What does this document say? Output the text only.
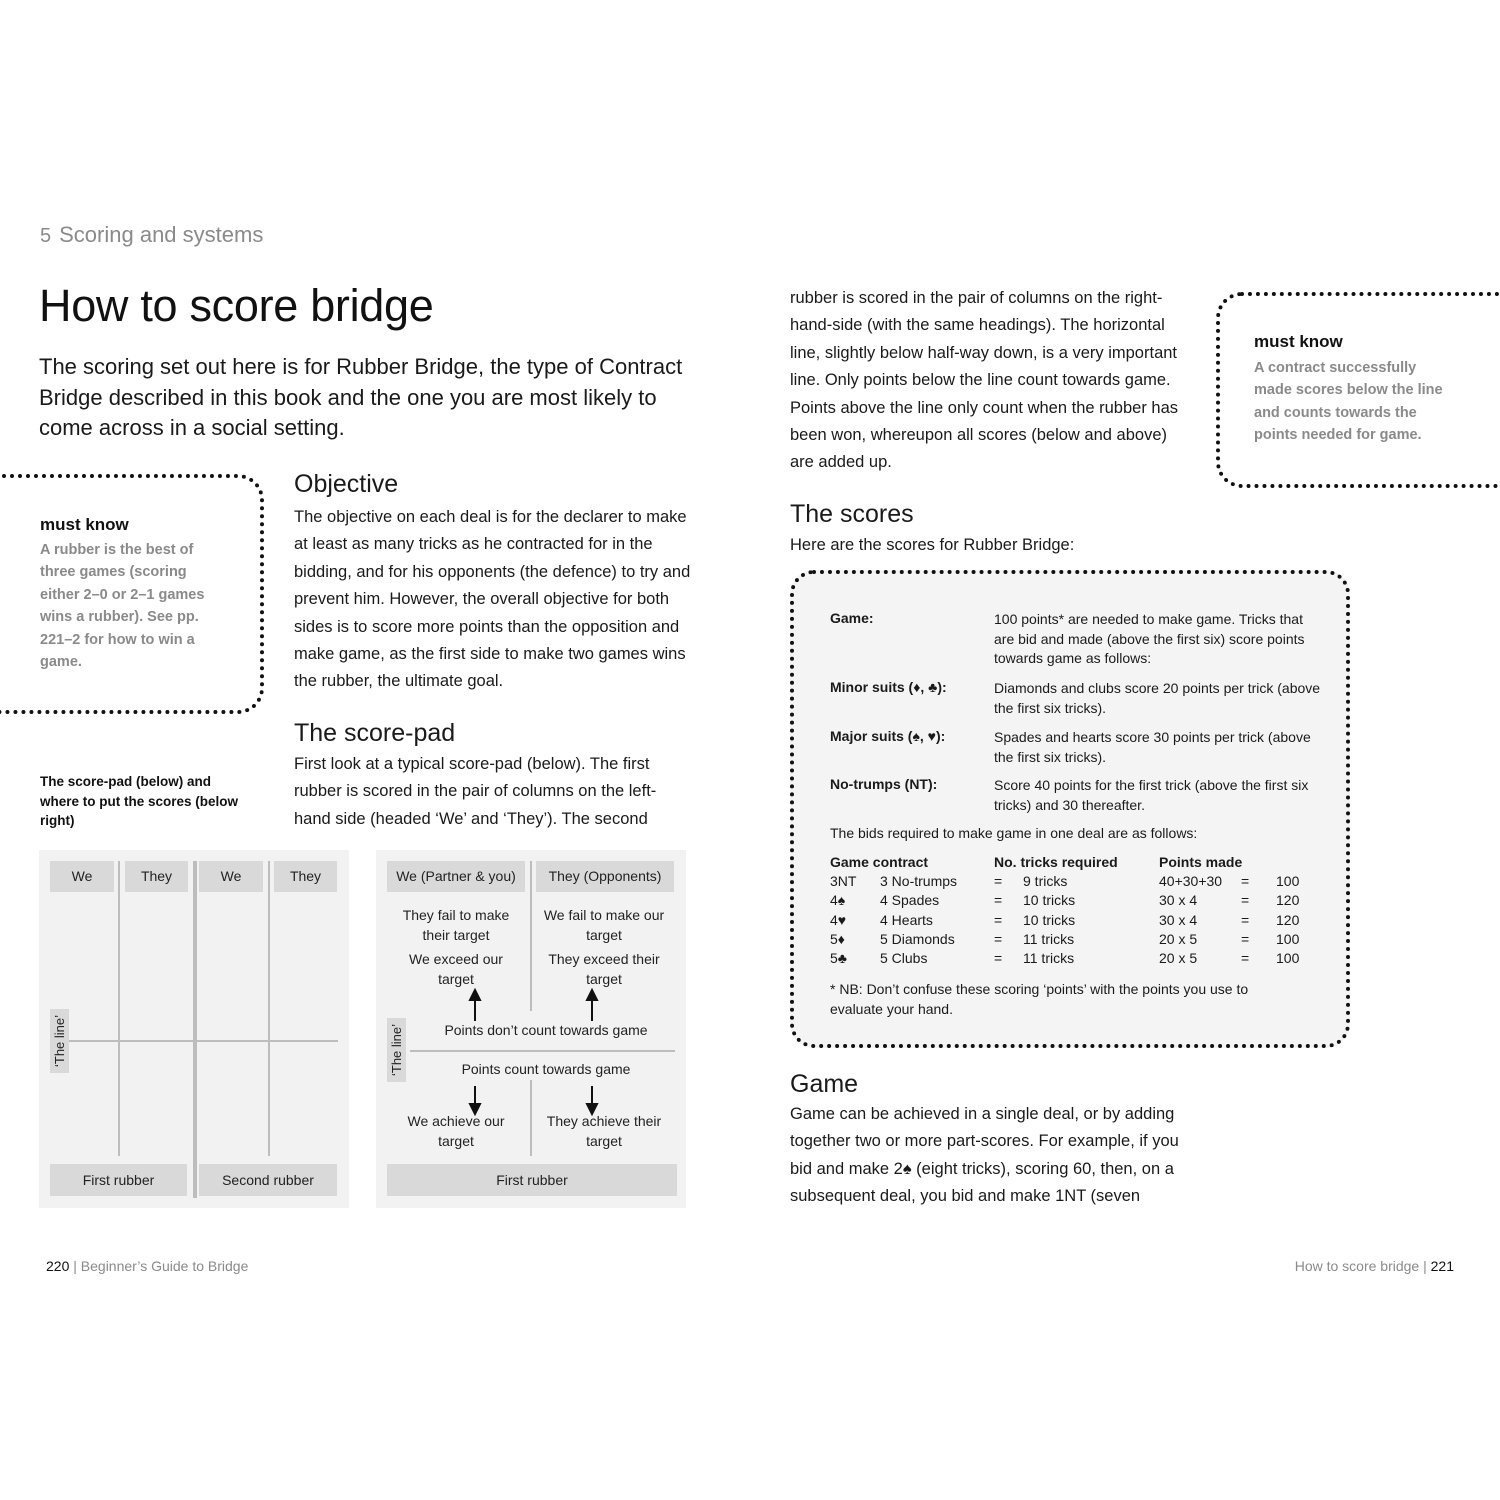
5 Scoring and systems
How to score bridge
The scoring set out here is for Rubber Bridge, the type of Contract Bridge described in this book and the one you are most likely to come across in a social setting.
must know
A rubber is the best of three games (scoring either 2–0 or 2–1 games wins a rubber). See pp. 221–2 for how to win a game.
Objective
The objective on each deal is for the declarer to make at least as many tricks as he contracted for in the bidding, and for his opponents (the defence) to try and prevent him. However, the overall objective for both sides is to score more points than the opposition and make game, as the first side to make two games wins the rubber, the ultimate goal.
The score-pad
First look at a typical score-pad (below). The first rubber is scored in the pair of columns on the left-hand side (headed ‘We’ and ‘They’). The second
The score-pad (below) and where to put the scores (below right)
We	They	We	They
‘The line’
First rubber	Second rubber
We (Partner & you)	They (Opponents)
They fail to make their target
We fail to make our target
We exceed our target
They exceed their target
Points don’t count towards game
Points count towards game
‘The line’
We achieve our target
They achieve their target
First rubber
rubber is scored in the pair of columns on the right-hand-side (with the same headings). The horizontal line, slightly below half-way down, is a very important line. Only points below the line count towards game. Points above the line only count when the rubber has been won, whereupon all scores (below and above) are added up.
must know
A contract successfully made scores below the line and counts towards the points needed for game.
The scores
Here are the scores for Rubber Bridge:
Game:	100 points* are needed to make game. Tricks that are bid and made (above the first six) score points towards game as follows:
Minor suits (♦, ♣):	Diamonds and clubs score 20 points per trick (above the first six tricks).
Major suits (♠, ♥):	Spades and hearts score 30 points per trick (above the first six tricks).
No-trumps (NT):	Score 40 points for the first trick (above the first six tricks) and 30 thereafter.
The bids required to make game in one deal are as follows:
Game contract	No. tricks required	Points made
3NT 3 No-trumps	= 9 tricks	40+30+30 = 100
4♠ 4 Spades	= 10 tricks	30 x 4	= 120
4♥ 4 Hearts	= 10 tricks	30 x 4	= 120
5♦	5 Diamonds	= 11 tricks	20 x 5	= 100
5♣ 5 Clubs	= 11 tricks	20 x 5	= 100
* NB: Don’t confuse these scoring ‘points’ with the points you use to evaluate your hand.
Game
Game can be achieved in a single deal, or by adding together two or more part-scores. For example, if you bid and make 2♠ (eight tricks), scoring 60, then, on a subsequent deal, you bid and make 1NT (seven
220 | Beginner’s Guide to Bridge	How to score bridge | 221
